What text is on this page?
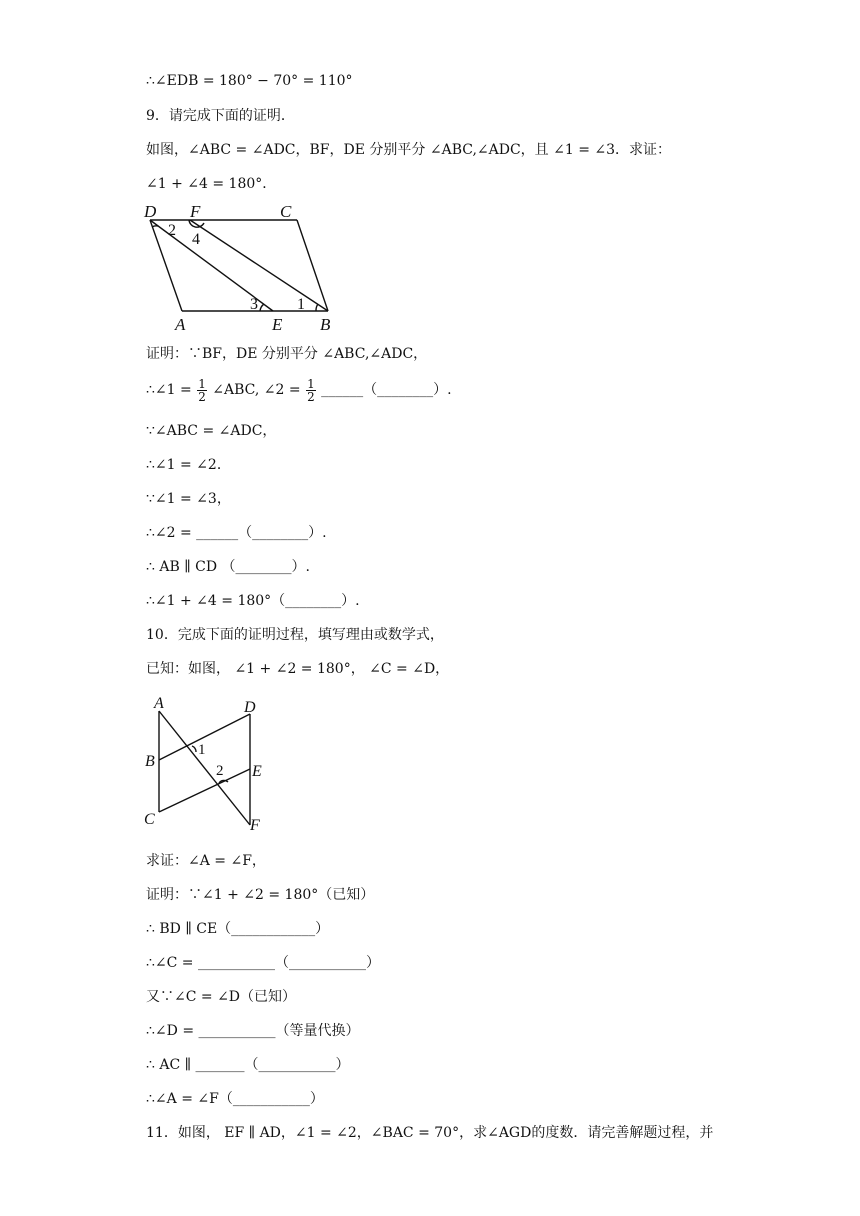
∴∠EDB = 180° − 70° = 110°
9．请完成下面的证明．
如图，∠ABC = ∠ADC，BF，DE 分别平分 ∠ABC,∠ADC，且 ∠1 = ∠3．求证：
∠1 + ∠4 = 180°．
D F	C
A	E B
2
4
3 1
证明：∵BF，DE 分别平分 ∠ABC,∠ADC，
∴∠1 = $\frac{1}{2}$ ∠ABC, ∠2 = $\frac{1}{2}$ ______（________）.
∵∠ABC = ∠ADC，
∴∠1 = ∠2．
∵∠1 = ∠3，
∴∠2 = ______（________）.
∴ AB ∥ CD （________）.
∴∠1 + ∠4 = 180°（________）.
10．完成下面的证明过程，填写理由或数学式，
已知：如图， ∠1 + ∠2 = 180°， ∠C = ∠D，
A	D
B
E
C	F
1
2
求证：∠A = ∠F，
证明：∵∠1 + ∠2 = 180°（已知）
∴ BD ∥ CE（____________）
∴∠C = ___________（___________）
又∵∠C = ∠D（已知）
∴∠D = ___________（等量代换）
∴ AC ∥ _______（___________）
∴∠A = ∠F（___________）
11．如图， EF ∥ AD，∠1 = ∠2，∠BAC = 70°，求∠AGD的度数．请完善解题过程，并
